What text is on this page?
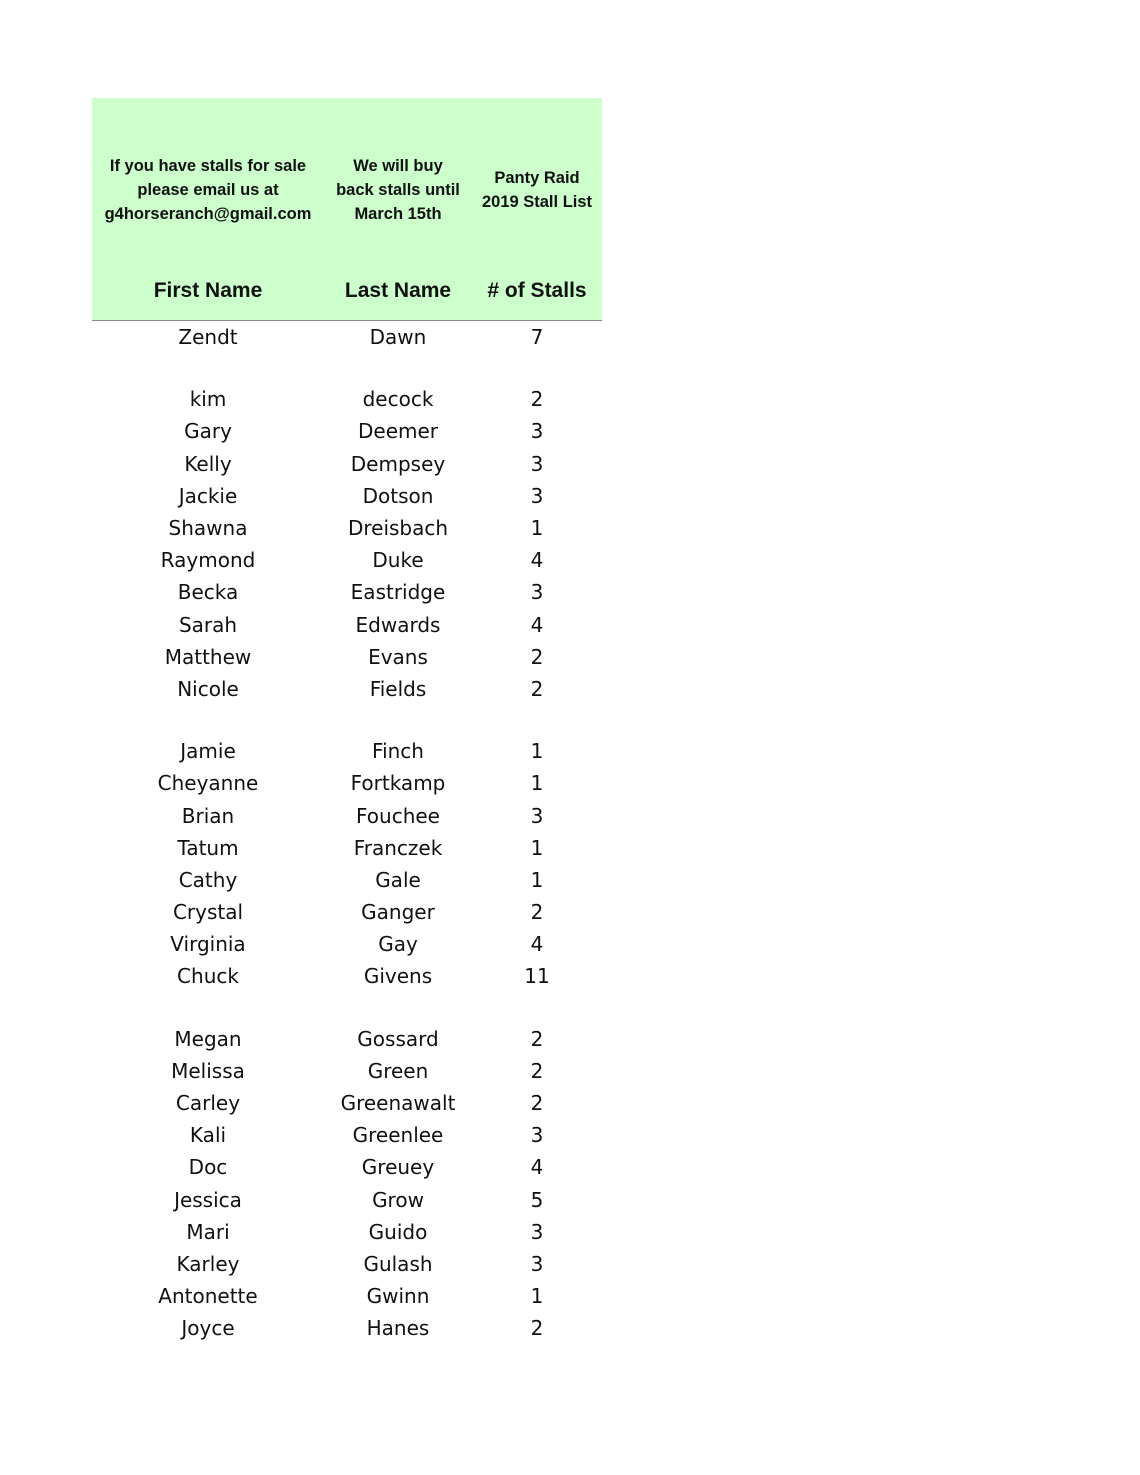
If you have stalls for sale
please email us at
g4horseranch@gmail.com
We will buy
back stalls until
March 15th
Panty Raid
2019 Stall List
First Name	Last Name	# of Stalls
Zendt	Dawn	7
kim	decock	2
Gary	Deemer	3
Kelly	Dempsey	3
Jackie	Dotson	3
Shawna	Dreisbach	1
Raymond	Duke	4
Becka	Eastridge	3
Sarah	Edwards	4
Matthew	Evans	2
Nicole	Fields	2
Jamie	Finch	1
Cheyanne	Fortkamp	1
Brian	Fouchee	3
Tatum	Franczek	1
Cathy	Gale	1
Crystal	Ganger	2
Virginia	Gay	4
Chuck	Givens	11
Megan	Gossard	2
Melissa	Green	2
Carley	Greenawalt	2
Kali	Greenlee	3
Doc	Greuey	4
Jessica	Grow	5
Mari	Guido	3
Karley	Gulash	3
Antonette	Gwinn	1
Joyce	Hanes	2
